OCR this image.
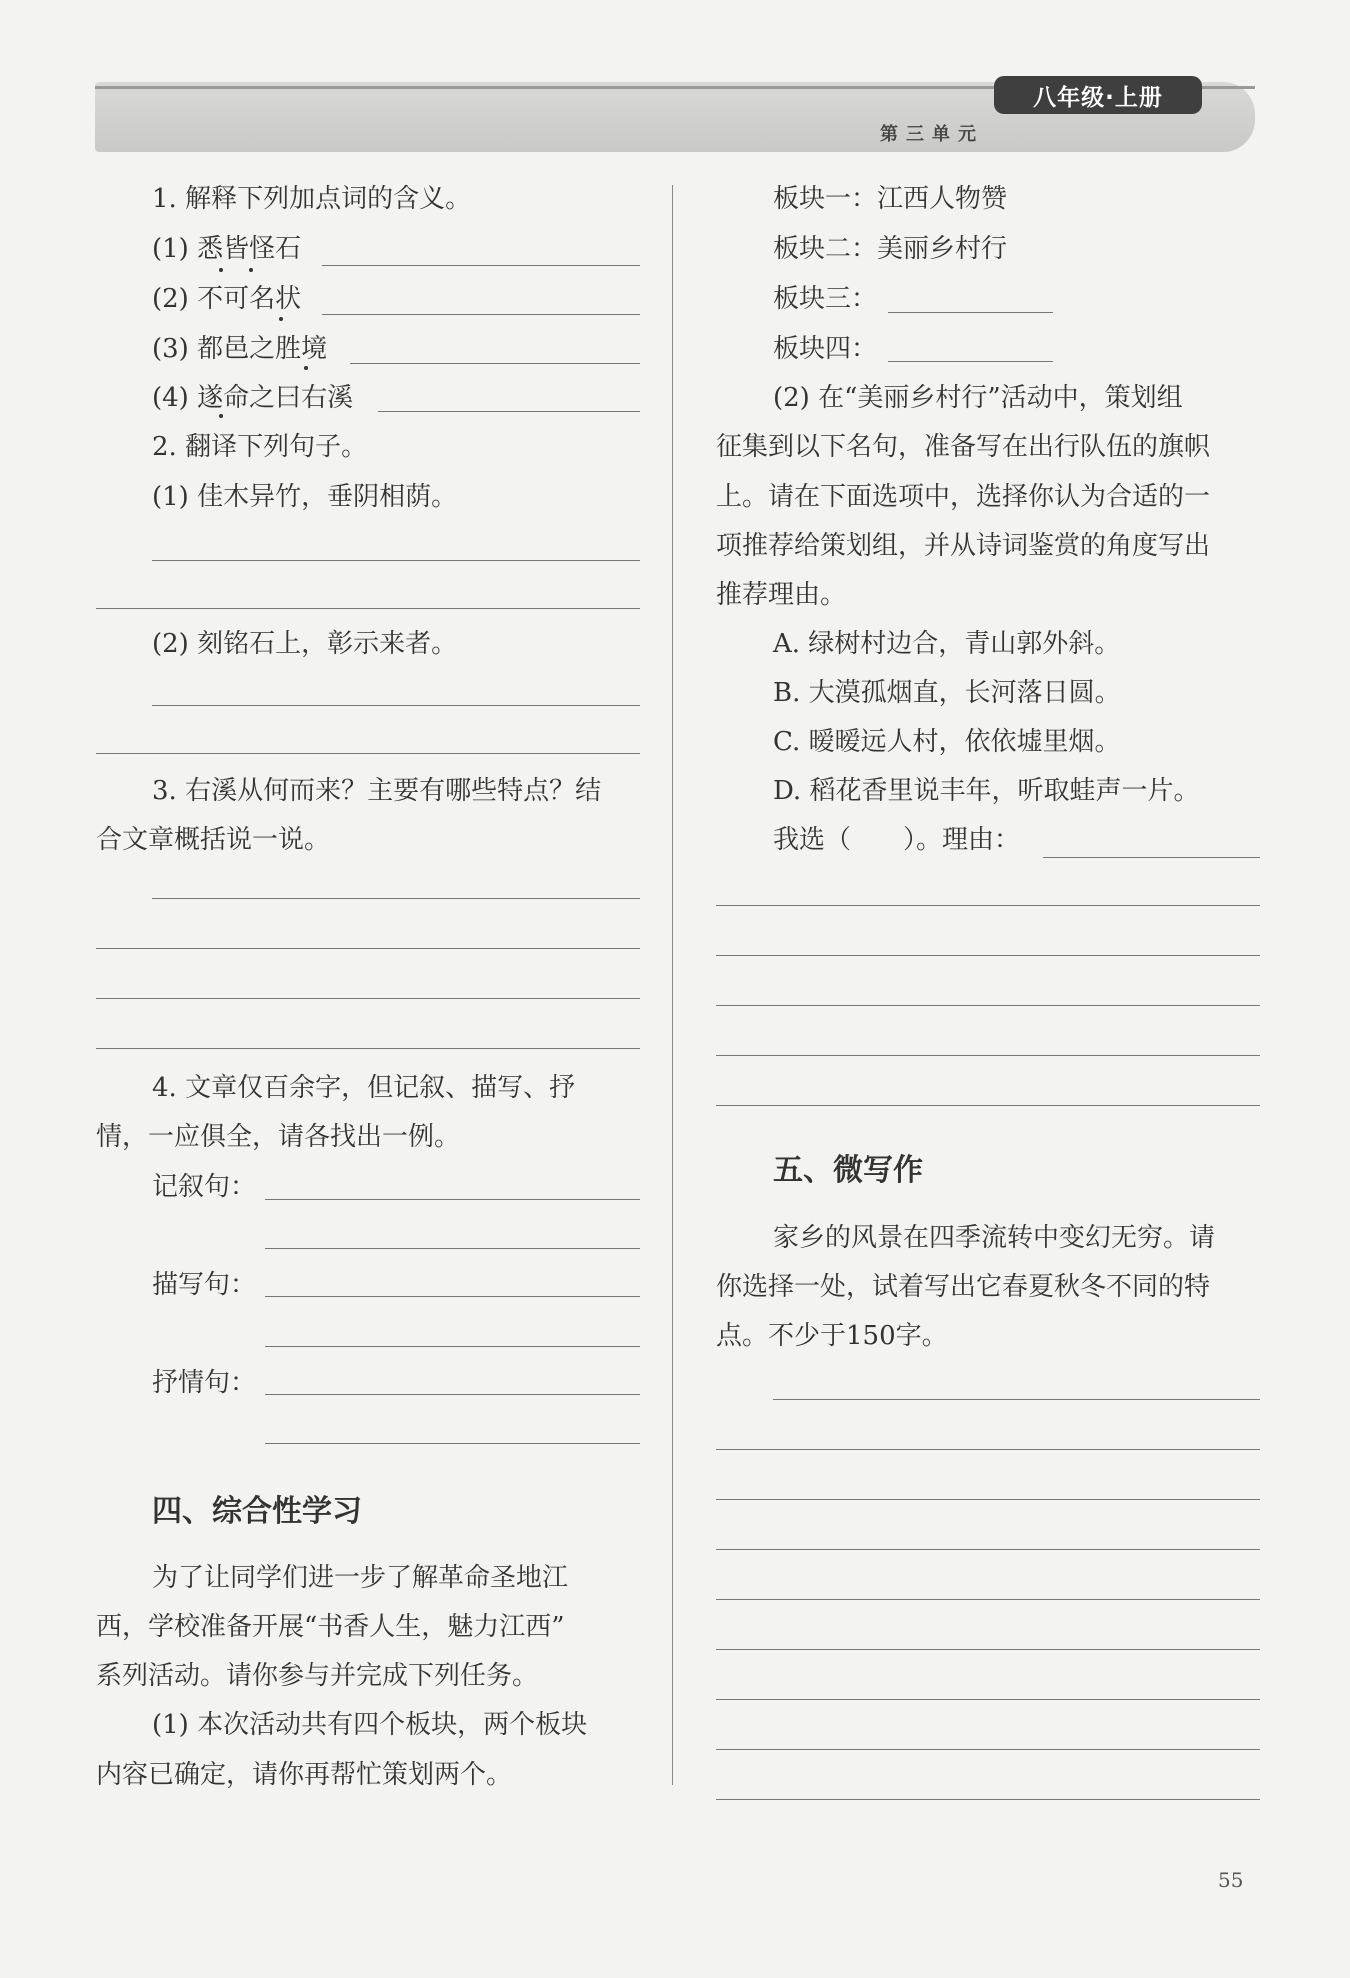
八年级·上册
第三单元
1. 解释下列加点词的含义。
(1) 悉皆怪石
(2) 不可名状
(3) 都邑之胜境
(4) 遂命之曰右溪
2. 翻译下列句子。
(1) 佳木异竹，垂阴相荫。
(2) 刻铭石上，彰示来者。
3. 右溪从何而来？主要有哪些特点？结
合文章概括说一说。
4. 文章仅百余字，但记叙、描写、抒
情，一应俱全，请各找出一例。
记叙句：
描写句：
抒情句：
四、综合性学习
为了让同学们进一步了解革命圣地江
西，学校准备开展“书香人生，魅力江西”
系列活动。请你参与并完成下列任务。
(1) 本次活动共有四个板块，两个板块
内容已确定，请你再帮忙策划两个。
板块一：江西人物赞
板块二：美丽乡村行
板块三：
板块四：
(2) 在“美丽乡村行”活动中，策划组
征集到以下名句，准备写在出行队伍的旗帜
上。请在下面选项中，选择你认为合适的一
项推荐给策划组，并从诗词鉴赏的角度写出
推荐理由。
A. 绿树村边合，青山郭外斜。
B. 大漠孤烟直，长河落日圆。
C. 暧暧远人村，依依墟里烟。
D. 稻花香里说丰年，听取蛙声一片。
我选（　　）。理由：
五、微写作
家乡的风景在四季流转中变幻无穷。请
你选择一处，试着写出它春夏秋冬不同的特
点。不少于150字。
55
